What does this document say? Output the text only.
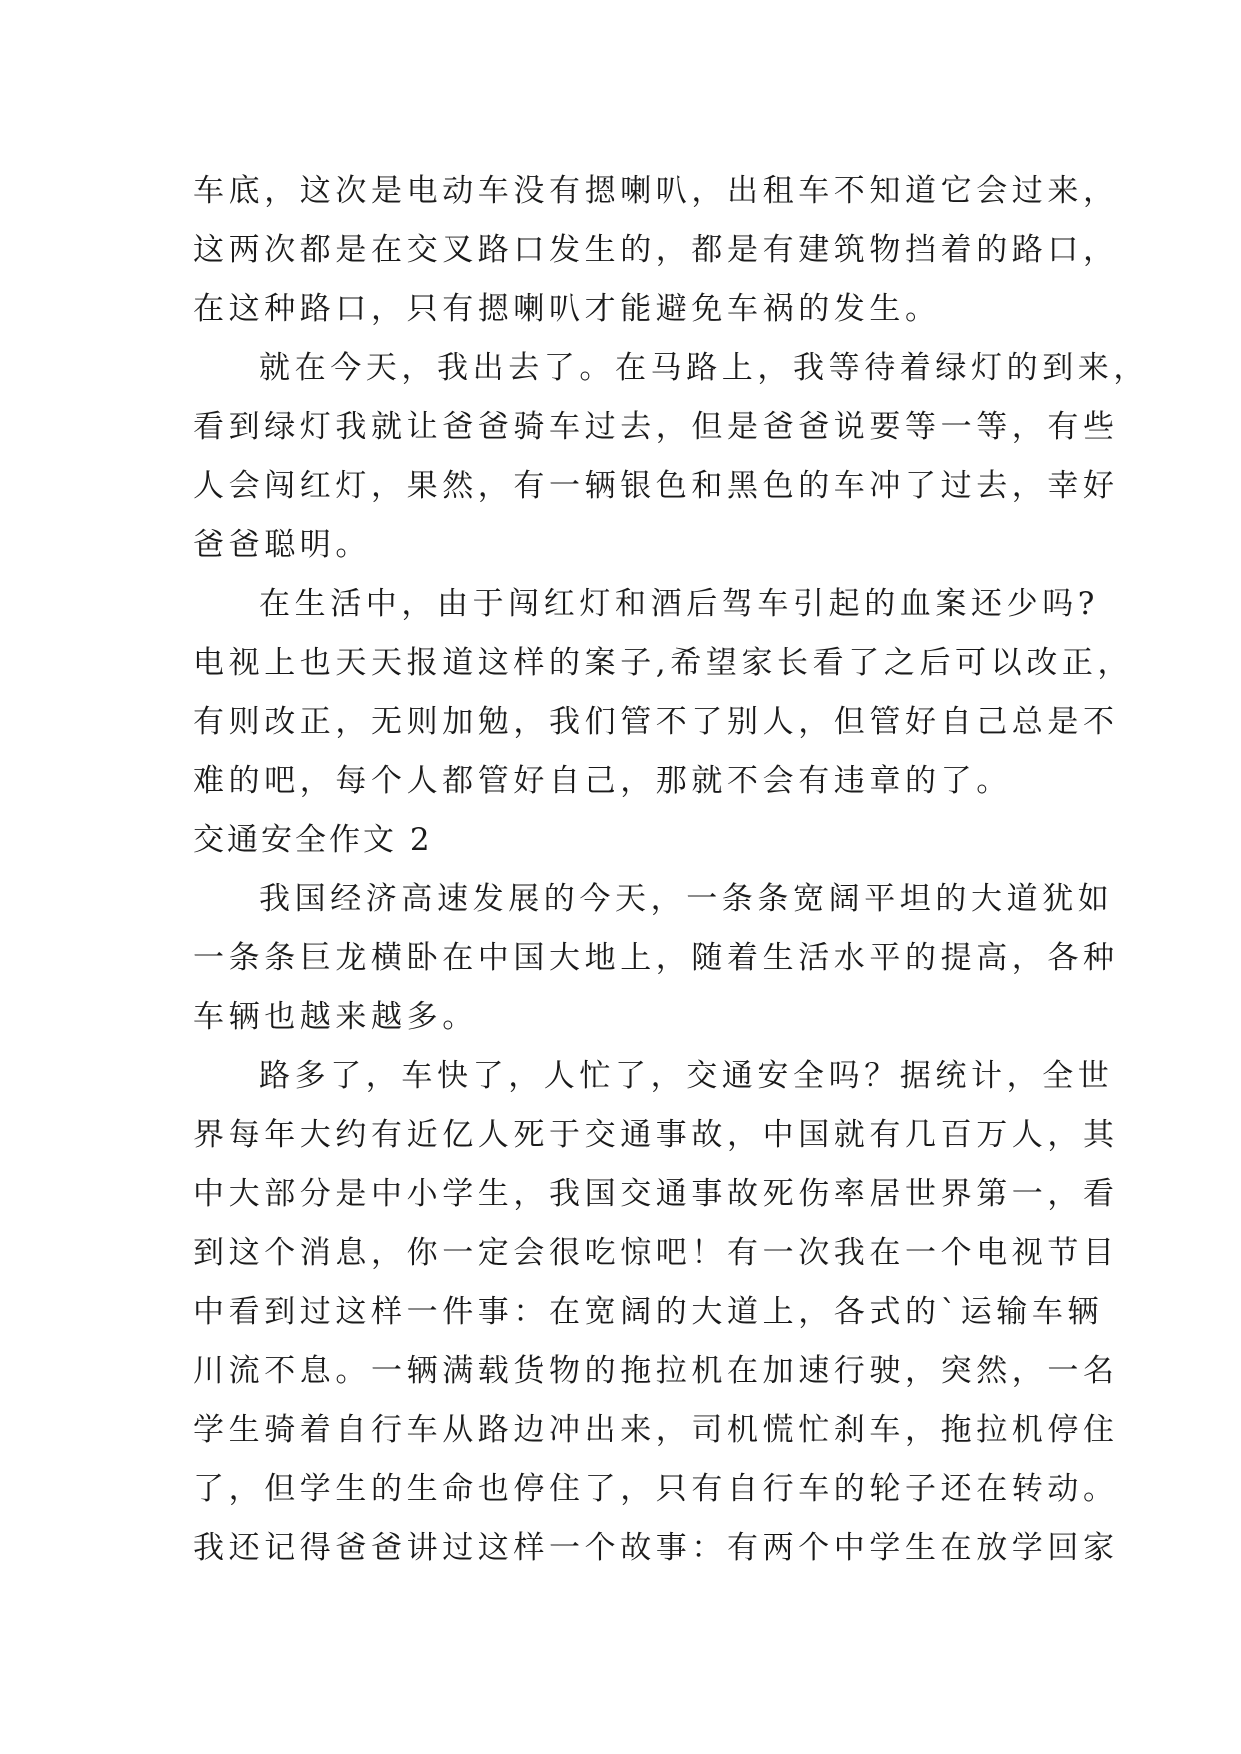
车底，这次是电动车没有摁喇叭，出租车不知道它会过来，
这两次都是在交叉路口发生的，都是有建筑物挡着的路口，
在这种路口，只有摁喇叭才能避免车祸的发生。
就在今天，我出去了。在马路上，我等待着绿灯的到来，
看到绿灯我就让爸爸骑车过去，但是爸爸说要等一等，有些
人会闯红灯，果然，有一辆银色和黑色的车冲了过去，幸好
爸爸聪明。
在生活中，由于闯红灯和酒后驾车引起的血案还少吗?
电视上也天天报道这样的案子,希望家长看了之后可以改正，
有则改正，无则加勉，我们管不了别人，但管好自己总是不
难的吧，每个人都管好自己，那就不会有违章的了。
交通安全作文 2
我国经济高速发展的今天，一条条宽阔平坦的大道犹如
一条条巨龙横卧在中国大地上，随着生活水平的提高，各种
车辆也越来越多。
路多了，车快了，人忙了，交通安全吗？据统计，全世
界每年大约有近亿人死于交通事故，中国就有几百万人，其
中大部分是中小学生，我国交通事故死伤率居世界第一，看
到这个消息，你一定会很吃惊吧！有一次我在一个电视节目
中看到过这样一件事：在宽阔的大道上，各式的`运输车辆
川流不息。一辆满载货物的拖拉机在加速行驶，突然，一名
学生骑着自行车从路边冲出来，司机慌忙刹车，拖拉机停住
了，但学生的生命也停住了，只有自行车的轮子还在转动。
我还记得爸爸讲过这样一个故事：有两个中学生在放学回家
